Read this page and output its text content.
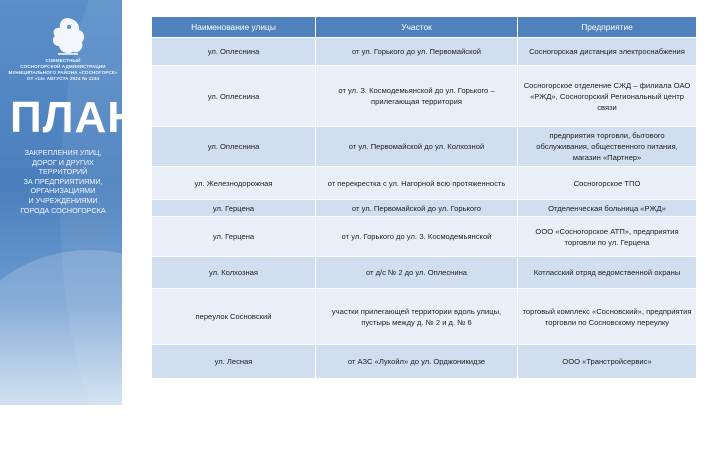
СОВМЕСТНЫЙ
СОСНОГОРСКОЙ АДМИНИСТРАЦИИ
МУНИЦИПАЛЬНОГО РАЙОНА «СОСНОГОРСК»
ОТ «14» АВГУСТА 2024 № 1234
ПЛАН
ЗАКРЕПЛЕНИЯ УЛИЦ,
ДОРОГ И ДРУГИХ
ТЕРРИТОРИЙ
ЗА ПРЕДПРИЯТИЯМИ,
ОРГАНИЗАЦИЯМИ
И УЧРЕЖДЕНИЯМИ
ГОРОДА СОСНОГОРСКА
Наименование улицы	Участок	Предприятие
ул. Оплеснина	от ул. Горького до ул. Первомайской	Сосногорская дистанция электроснабжения
ул. Оплеснина	от ул. З. Космодемьянской до ул. Горького – прилегающая территория	Сосногорское отделение СЖД – филиала ОАО «РЖД», Сосногорский Региональный центр связи
ул. Оплеснина	от ул. Первомайской до ул. Колхозной	предприятия торговли, бытового обслуживания, общественного питания, магазин «Партнер»
ул. Железнодорожная	от перекрестка с ул. Нагорной всю протяженность	Сосногорское ТПО
ул. Герцена	от ул. Первомайской до ул. Горького	Отделенческая больница «РЖД»
ул. Герцена	от ул. Горького до ул. З. Космодемьянской	ООО «Сосногорское АТП», предприятия торговли по ул. Герцена
ул. Колхозная	от д/с № 2 до ул. Оплеснина	Котласский отряд ведомственной охраны
переулок Сосновский	участки прилегающей территории вдоль улицы, пустырь между д. № 2 и д. № 6	торговый комплекс «Сосновский», предприятия торговли по Сосновскому переулку
ул. Лесная	от АЗС «Лукойл» до ул. Орджоникидзе	ООО «Транстройсервис»
